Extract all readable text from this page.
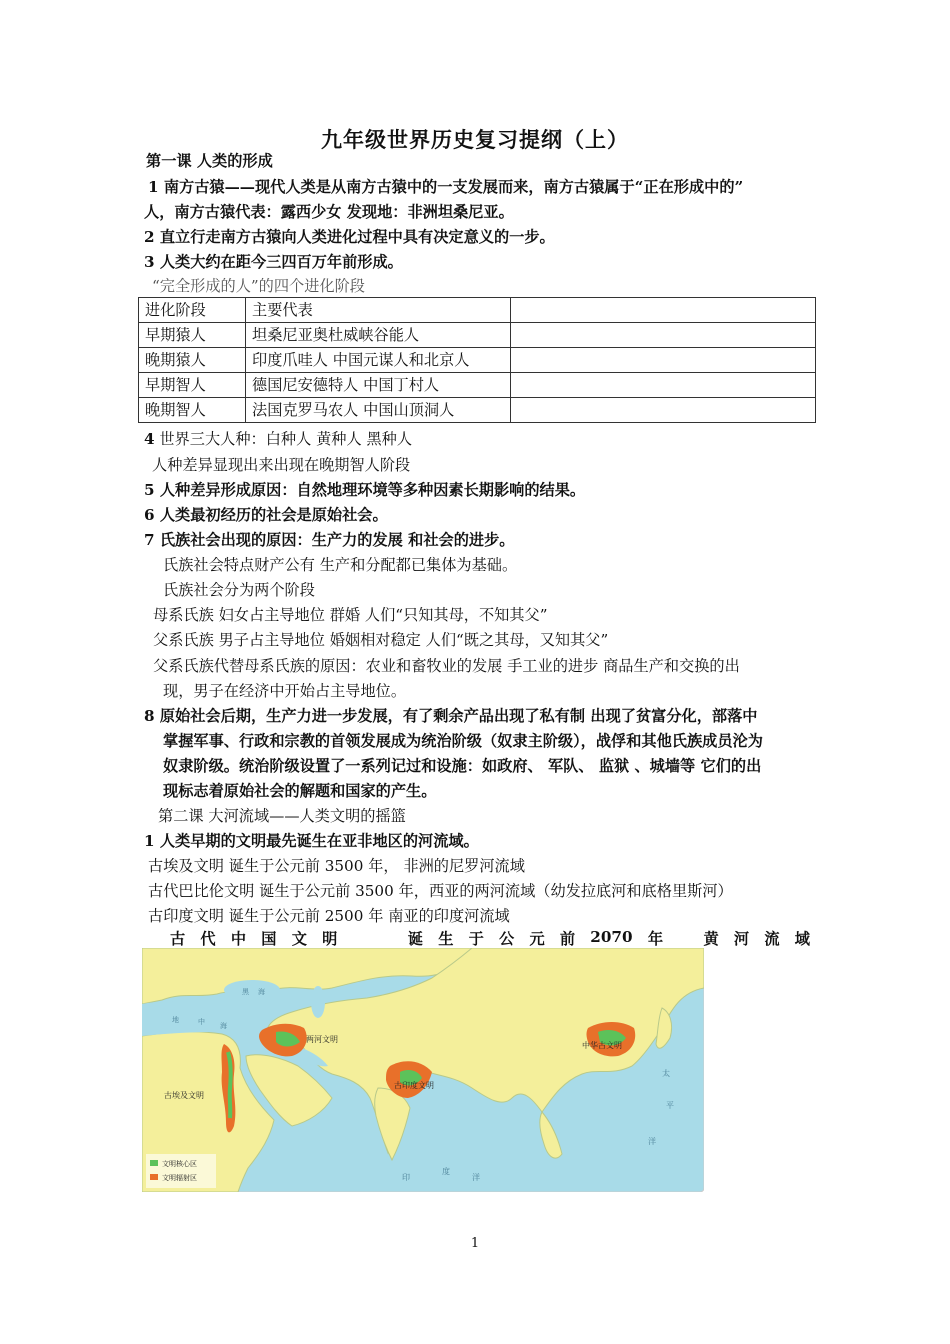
九年级世界历史复习提纲（上）
第一课 人类的形成
1 南方古猿——现代人类是从南方古猿中的一支发展而来，南方古猿属于“正在形成中的”
人，南方古猿代表：露西少女 发现地：非洲坦桑尼亚。
2 直立行走南方古猿向人类进化过程中具有决定意义的一步。
3 人类大约在距今三四百万年前形成。
“完全形成的人”的四个进化阶段
进化阶段	主要代表	
早期猿人	坦桑尼亚奥杜威峡谷能人	
晚期猿人	印度爪哇人 中国元谋人和北京人	
早期智人	德国尼安德特人 中国丁村人	
晚期智人	法国克罗马农人 中国山顶洞人	
4 世界三大人种：白种人 黄种人 黑种人
人种差异显现出来出现在晚期智人阶段
5 人种差异形成原因：自然地理环境等多种因素长期影响的结果。
6 人类最初经历的社会是原始社会。
7 氏族社会出现的原因：生产力的发展 和社会的进步。
氏族社会特点财产公有 生产和分配都已集体为基础。
氏族社会分为两个阶段
母系氏族 妇女占主导地位 群婚 人们“只知其母，不知其父”
父系氏族 男子占主导地位 婚姻相对稳定 人们“既之其母，又知其父”
父系氏族代替母系氏族的原因：农业和畜牧业的发展 手工业的进步 商品生产和交换的出
现，男子在经济中开始占主导地位。
8 原始社会后期，生产力进一步发展，有了剩余产品出现了私有制 出现了贫富分化，部落中
掌握军事、行政和宗教的首领发展成为统治阶级（奴隶主阶级），战俘和其他氏族成员沦为
奴隶阶级。统治阶级设置了一系列记过和设施：如政府、 军队、 监狱 、城墙等 它们的出
现标志着原始社会的解题和国家的产生。
第二课 大河流域——人类文明的摇篮
1 人类早期的文明最先诞生在亚非地区的河流域。
古埃及文明 诞生于公元前 3500 年， 非洲的尼罗河流域
古代巴比伦文明 诞生于公元前 3500 年，西亚的两河流域（幼发拉底河和底格里斯河）
古印度文明 诞生于公元前 2500 年 南亚的印度河流域
古 代 中 国 文 明	诞 生 于 公 元 前 2070 年	黄 河 流 域
古埃及文明
两河文明
古印度文明
中华古文明
黑 海
地	中
海
太
平
洋
印
度
洋
文明核心区
文明辐射区
1
